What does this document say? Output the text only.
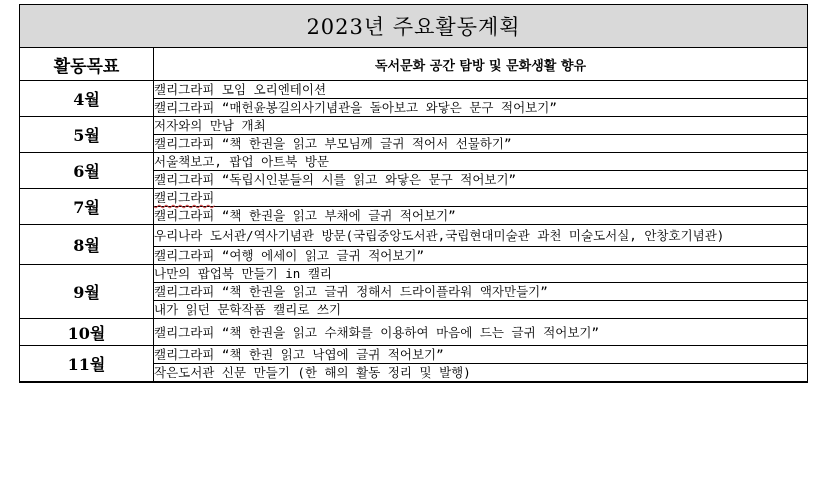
2023년 주요활동계획	
활동목표	독서문화 공간 탐방 및 문화생활 향유
4월	캘리그라피 모임 오리엔테이션
	캘리그라피 “매헌윤봉길의사기념관을 돌아보고 와닿은 문구 적어보기”
5월	저자와의 만남 개최
	캘리그라피 “책 한권을 읽고 부모님께 글귀 적어서 선물하기”
6월	서울책보고, 팝업 아트북 방문
	캘리그라피 “독립시인분들의 시를 읽고 와닿은 문구 적어보기”
7월	캘리그라피
	캘리그라피 “책 한권을 읽고 부채에 글귀 적어보기”
8월	우리나라 도서관/역사기념관 방문(국립중앙도서관,국립현대미술관 과천 미술도서실, 안창호기념관)
	캘리그라피 “여행 에세이 읽고 글귀 적어보기”
9월	나만의 팝업북 만들기 in 캘리
	캘리그라피 “책 한권을 읽고 글귀 정해서 드라이플라워 액자만들기”
	내가 읽던 문학작품 캘리로 쓰기
10월	캘리그라피 “책 한권을 읽고 수채화를 이용하여 마음에 드는 글귀 적어보기”
11월	캘리그라피 “책 한권 읽고 낙엽에 글귀 적어보기”
	작은도서관 신문 만들기 (한 해의 활동 정리 및 발행)
